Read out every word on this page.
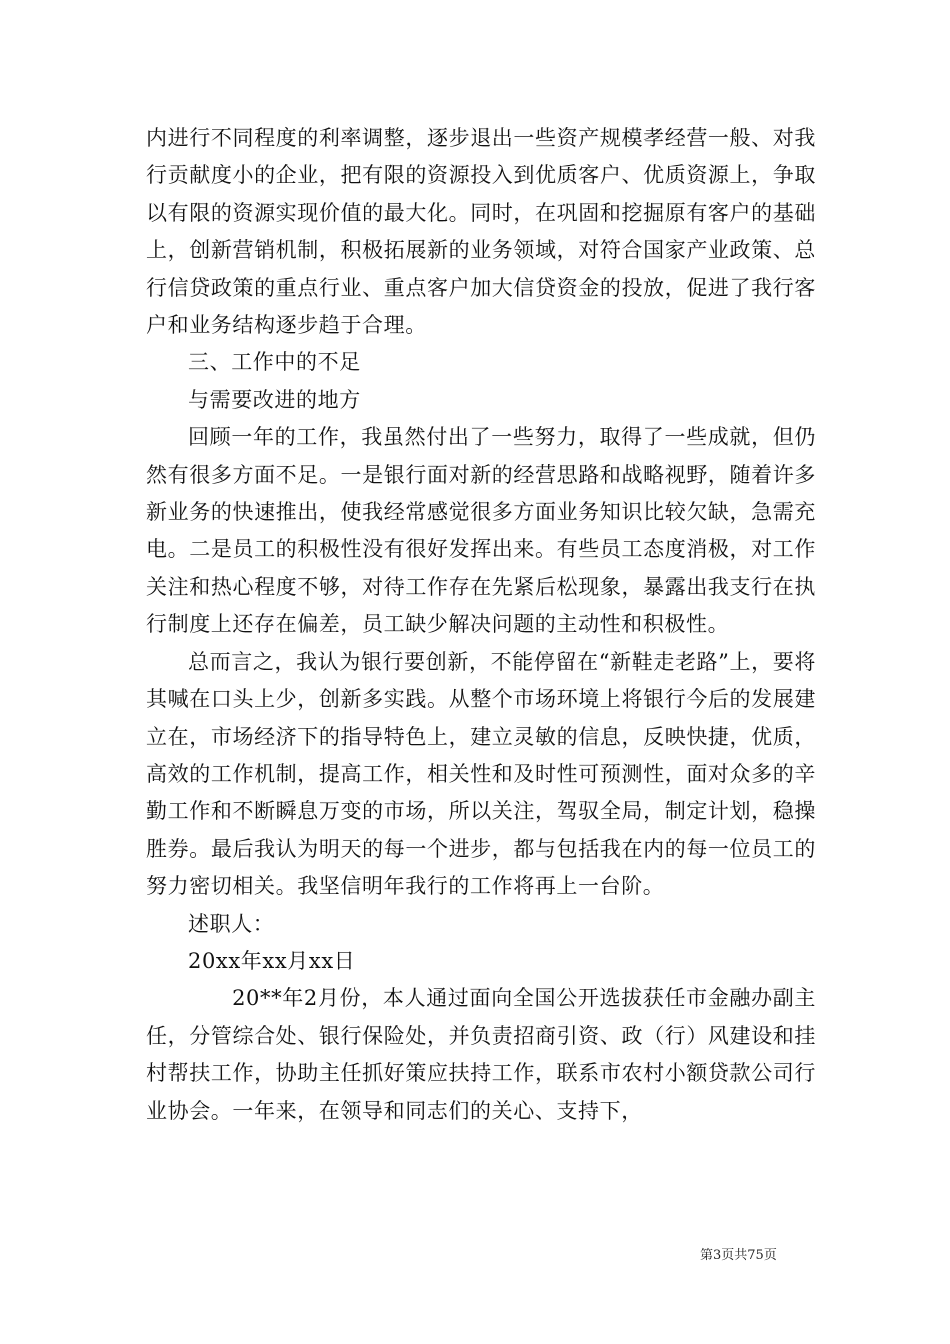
内进行不同程度的利率调整，逐步退出一些资产规模孝经营一般、对我行贡献度小的企业，把有限的资源投入到优质客户、优质资源上，争取以有限的资源实现价值的最大化。同时，在巩固和挖掘原有客户的基础上，创新营销机制，积极拓展新的业务领域，对符合国家产业政策、总行信贷政策的重点行业、重点客户加大信贷资金的投放，促进了我行客户和业务结构逐步趋于合理。

三、工作中的不足

与需要改进的地方

回顾一年的工作，我虽然付出了一些努力，取得了一些成就，但仍然有很多方面不足。一是银行面对新的经营思路和战略视野，随着许多新业务的快速推出，使我经常感觉很多方面业务知识比较欠缺，急需充电。二是员工的积极性没有很好发挥出来。有些员工态度消极，对工作关注和热心程度不够，对待工作存在先紧后松现象，暴露出我支行在执行制度上还存在偏差，员工缺少解决问题的主动性和积极性。

总而言之，我认为银行要创新，不能停留在“新鞋走老路”上，要将其喊在口头上少，创新多实践。从整个市场环境上将银行今后的发展建立在，市场经济下的指导特色上，建立灵敏的信息，反映快捷，优质，高效的工作机制，提高工作，相关性和及时性可预测性，面对众多的辛勤工作和不断瞬息万变的市场，所以关注，驾驭全局，制定计划，稳操胜券。最后我认为明天的每一个进步，都与包括我在内的每一位员工的努力密切相关。我坚信明年我行的工作将再上一台阶。

述职人：

20xx年xx月xx日

20**年2月份，本人通过面向全国公开选拔获任市金融办副主任，分管综合处、银行保险处，并负责招商引资、政（行）风建设和挂村帮扶工作，协助主任抓好策应扶持工作，联系市农村小额贷款公司行业协会。一年来，在领导和同志们的关心、支持下，

第3页共75页
